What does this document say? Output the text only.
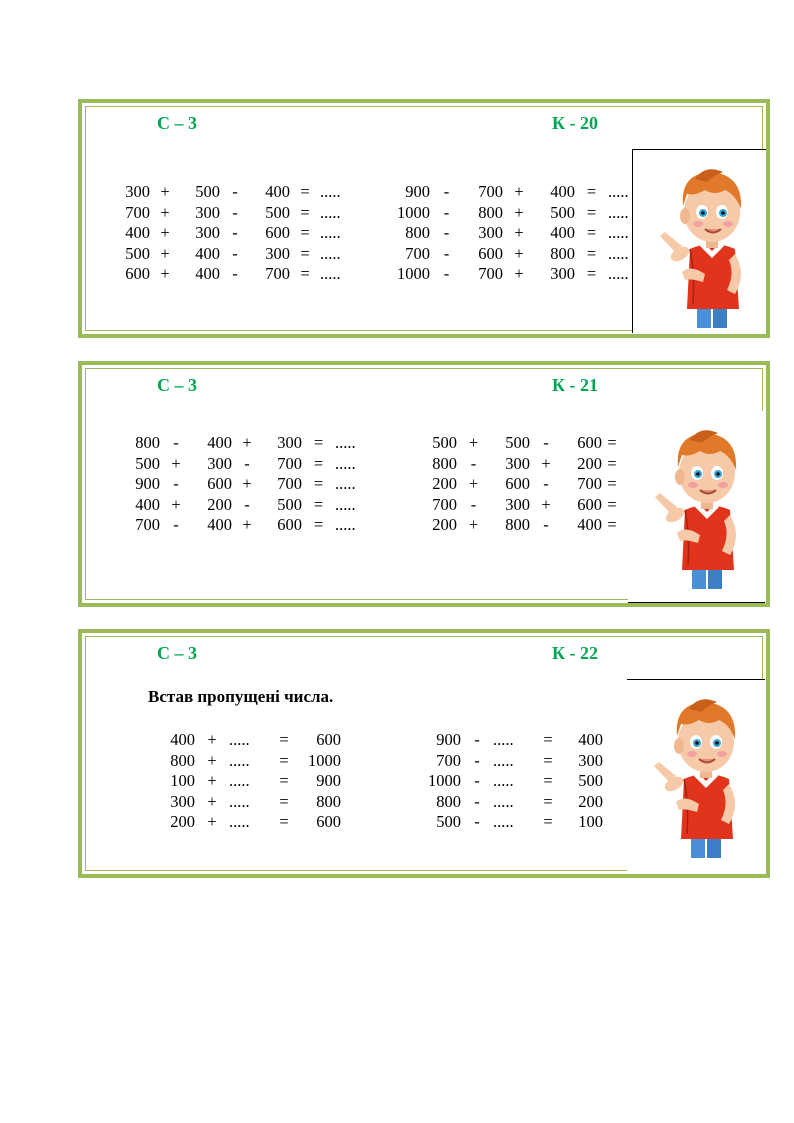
С – 3	К - 20
300	+	500	-	400	=	.....
700	+	300	-	500	=	.....
400	+	300	-	600	=	.....
500	+	400	-	300	=	.....
600	+	400	-	700	=	.....
900	-	700	+	400	=	.....
1000	-	800	+	500	=	.....
800	-	300	+	400	=	.....
700	-	600	+	800	=	.....
1000	-	700	+	300	=	.....
С – 3	К - 21
800	-	400	+	300	=	.....
500	+	300	-	700	=	.....
900	-	600	+	700	=	.....
400	+	200	-	500	=	.....
700	-	400	+	600	=	.....
500	+	500	-	600	=
800	-	300	+	200	=
200	+	600	-	700	=
700	-	300	+	600	=
200	+	800	-	400	=
С – 3	К - 22
Встав пропущені числа.
400	+	.....	=	600
800	+	.....	=	1000
100	+	.....	=	900
300	+	.....	=	800
200	+	.....	=	600
900	-	.....	=	400
700	-	.....	=	300
1000	-	.....	=	500
800	-	.....	=	200
500	-	.....	=	100
